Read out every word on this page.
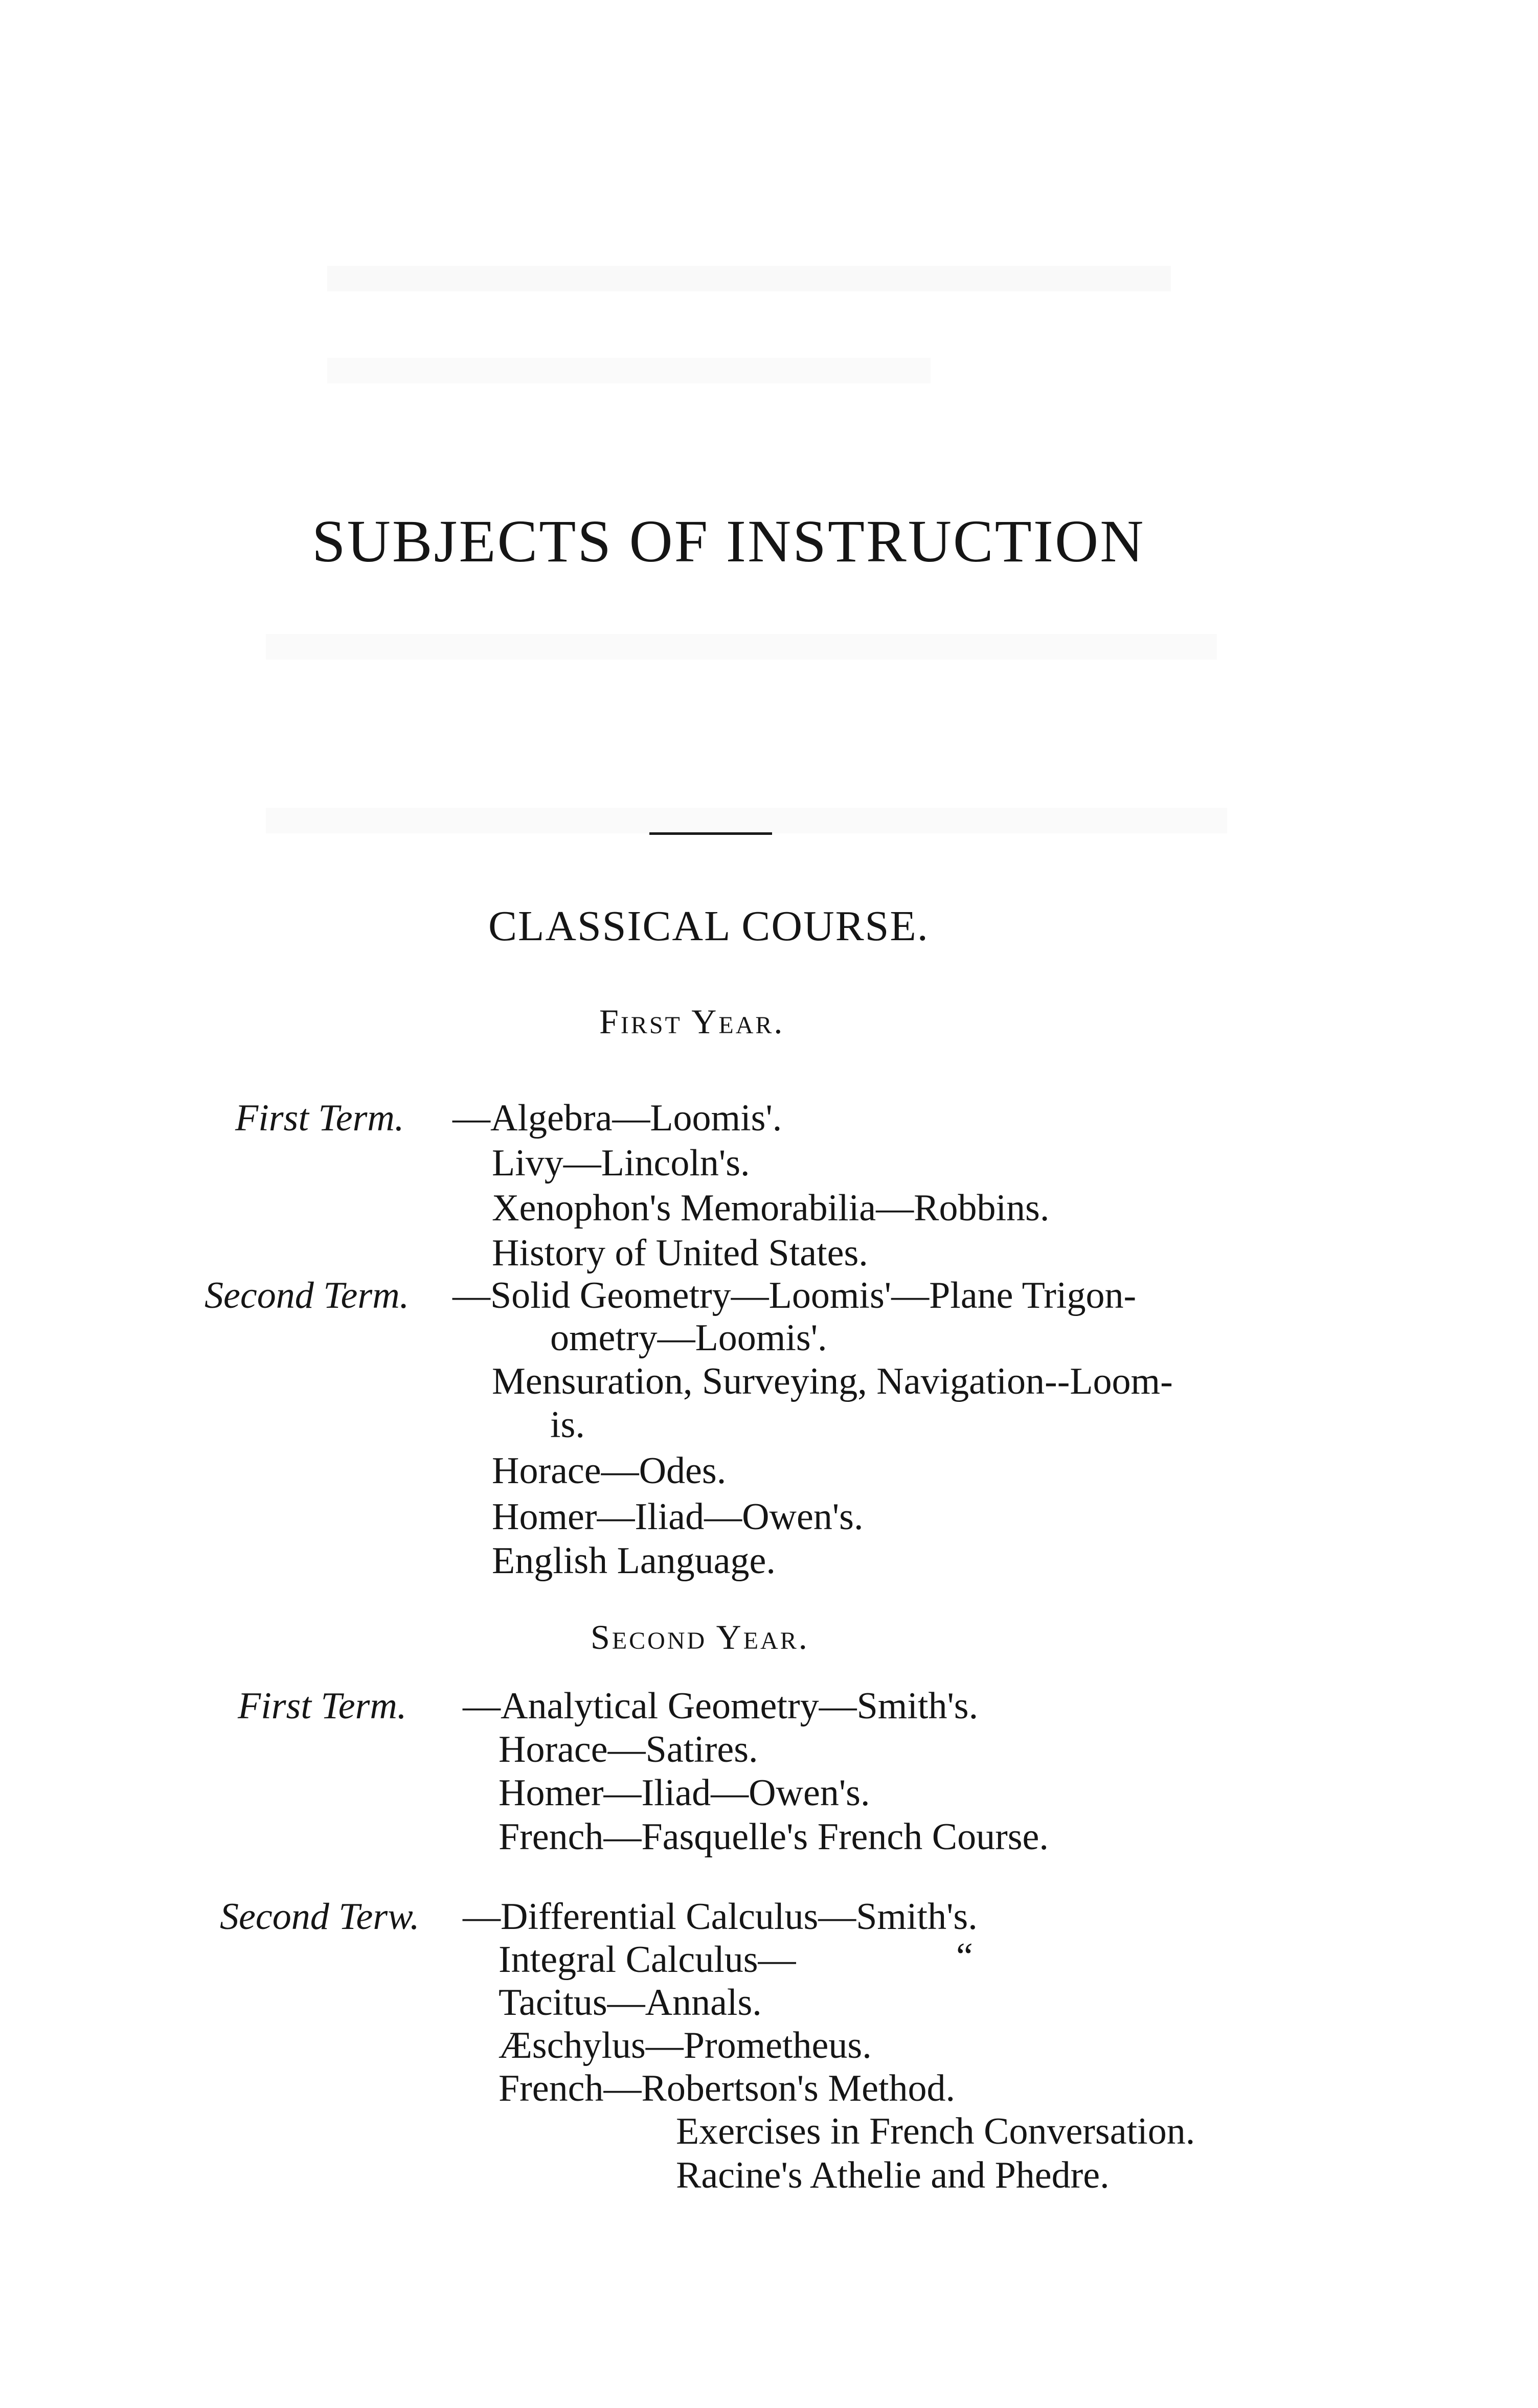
SUBJECTS OF INSTRUCTION
CLASSICAL COURSE.
First Year.
First Term. —Algebra—Loomis'.
Livy—Lincoln's.
Xenophon's Memorabilia—Robbins.
History of United States.
Second Term. —Solid Geometry—Loomis'—Plane Trigon-
ometry—Loomis'.
Mensuration, Surveying, Navigation--Loom-
is.
Horace—Odes.
Homer—Iliad—Owen's.
English Language.
Second Year.
First Term. —Analytical Geometry—Smith's.
Horace—Satires.
Homer—Iliad—Owen's.
French—Fasquelle's French Course.
Second Terw. —Differential Calculus—Smith's.
Integral Calculus—	“
Tacitus—Annals.
Æschylus—Prometheus.
French—Robertson's Method.
Exercises in French Conversation.
Racine's Athelie and Phedre.
